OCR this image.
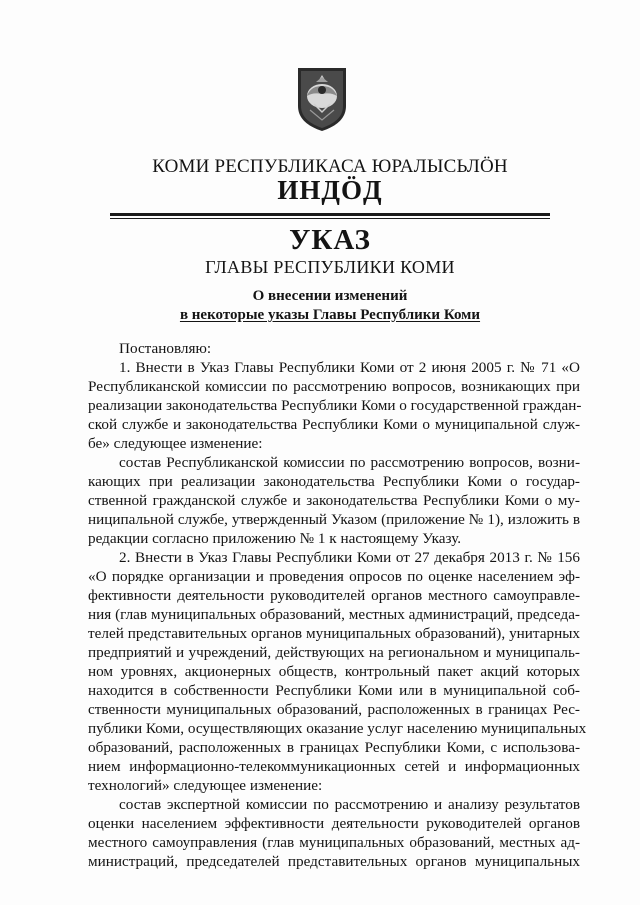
КОМИ РЕСПУБЛИКАСА ЮРАЛЫСЬЛÖН
ИНДÖД
УКАЗ
ГЛАВЫ РЕСПУБЛИКИ КОМИ
О внесении изменений
в некоторые указы Главы Республики Коми
Постановляю:
1. Внести в Указ Главы Республики Коми от 2 июня 2005 г. № 71 «О
Республиканской комиссии по рассмотрению вопросов, возникающих при
реализации законодательства Республики Коми о государственной граждан-
ской службе и законодательства Республики Коми о муниципальной служ-
бе» следующее изменение:
состав Республиканской комиссии по рассмотрению вопросов, возни-
кающих при реализации законодательства Республики Коми о государ-
ственной гражданской службе и законодательства Республики Коми о му-
ниципальной службе, утвержденный Указом (приложение № 1), изложить в
редакции согласно приложению № 1 к настоящему Указу.
2. Внести в Указ Главы Республики Коми от 27 декабря 2013 г. № 156
«О порядке организации и проведения опросов по оценке населением эф-
фективности деятельности руководителей органов местного самоуправле-
ния (глав муниципальных образований, местных администраций, председа-
телей представительных органов муниципальных образований), унитарных
предприятий и учреждений, действующих на региональном и муниципаль-
ном уровнях, акционерных обществ, контрольный пакет акций которых
находится в собственности Республики Коми или в муниципальной соб-
ственности муниципальных образований, расположенных в границах Рес-
публики Коми, осуществляющих оказание услуг населению муниципальных
образований, расположенных в границах Республики Коми, с использова-
нием информационно-телекоммуникационных сетей и информационных
технологий» следующее изменение:
состав экспертной комиссии по рассмотрению и анализу результатов
оценки населением эффективности деятельности руководителей органов
местного самоуправления (глав муниципальных образований, местных ад-
министраций, председателей представительных органов муниципальных
